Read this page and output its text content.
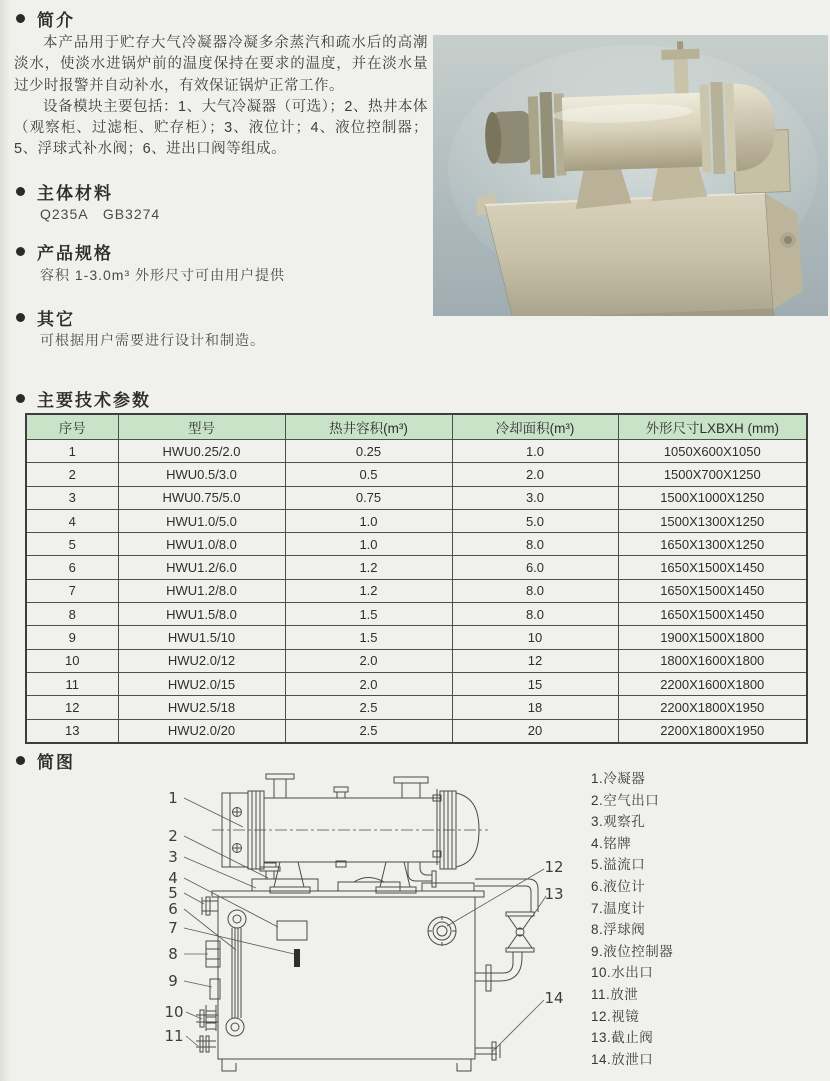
简介

本产品用于贮存大气冷凝器冷凝多余蒸汽和疏水后的高潮淡水，使淡水进锅炉前的温度保持在要求的温度，并在淡水量过少时报警并自动补水，有效保证锅炉正常工作。

设备模块主要包括：1、大气冷凝器（可选）；2、热井本体（观察柜、过滤柜、贮存柜）；3、液位计；4、液位控制器；5、浮球式补水阀；6、进出口阀等组成。

主体材料
Q235A　GB3274
产品规格
容积 1-3.0m³ 外形尺寸可由用户提供
其它
可根据用户需要进行设计和制造。
主要技术参数
序号	型号	热井容积(m³)	冷却面积(m³)	外形尺寸LXBXH (mm)
1	HWU0.25/2.0	0.25	1.0	1050X600X1050
2	HWU0.5/3.0	0.5	2.0	1500X700X1250
3	HWU0.75/5.0	0.75	3.0	1500X1000X1250
4	HWU1.0/5.0	1.0	5.0	1500X1300X1250
5	HWU1.0/8.0	1.0	8.0	1650X1300X1250
6	HWU1.2/6.0	1.2	6.0	1650X1500X1450
7	HWU1.2/8.0	1.2	8.0	1650X1500X1450
8	HWU1.5/8.0	1.5	8.0	1650X1500X1450
9	HWU1.5/10	1.5	10	1900X1500X1800
10	HWU2.0/12	2.0	12	1800X1600X1800
11	HWU2.0/15	2.0	15	2200X1600X1800
12	HWU2.5/18	2.5	18	2200X1800X1950
13	HWU2.0/20	2.5	20	2200X1800X1950
简图
1
2
3
4
5
6
7
8
9
10
11
12
13
14
1.冷凝器
2.空气出口
3.观察孔
4.铭牌
5.溢流口
6.液位计
7.温度计
8.浮球阀
9.液位控制器
10.水出口
11.放泄
12.视镜
13.截止阀
14.放泄口
